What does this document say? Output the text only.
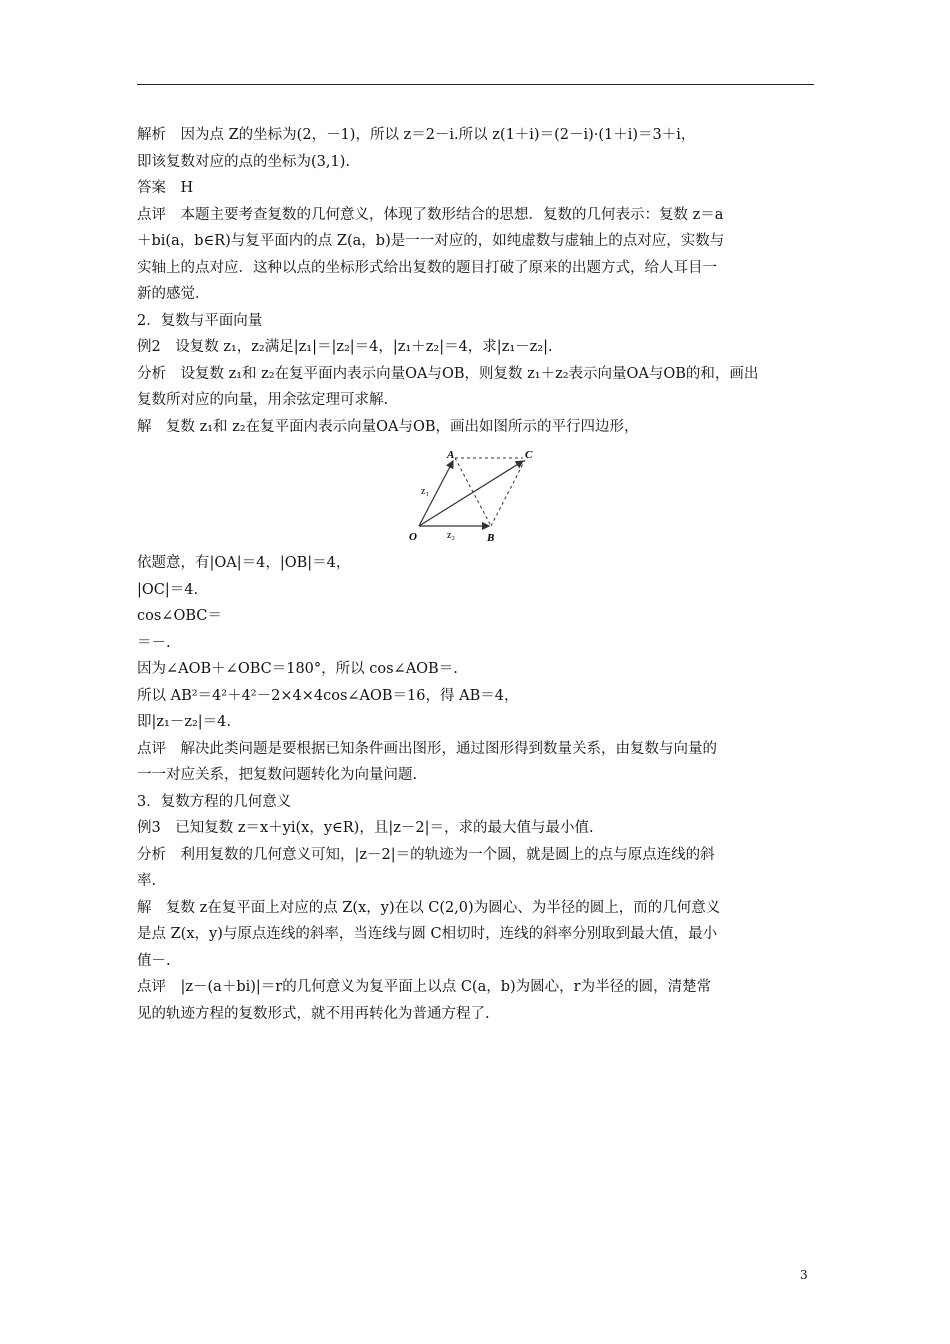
解析　因为点 Z的坐标为(2，－1)，所以 z＝2－i.所以 z(1＋i)＝(2－i)·(1＋i)＝3＋i，

即该复数对应的点的坐标为(3,1).

答案　H

点评　本题主要考查复数的几何意义，体现了数形结合的思想．复数的几何表示：复数 z＝a

＋bi(a，b∈R)与复平面内的点 Z(a，b)是一一对应的，如纯虚数与虚轴上的点对应，实数与

实轴上的点对应．这种以点的坐标形式给出复数的题目打破了原来的出题方式，给人耳目一

新的感觉．

2．复数与平面向量

例2　设复数 z₁，z₂满足|z₁|＝|z₂|＝4，|z₁＋z₂|＝4，求|z₁－z₂|.

分析　设复数 z₁和 z₂在复平面内表示向量OA与OB，则复数 z₁＋z₂表示向量OA与OB的和，画出

复数所对应的向量，用余弦定理可求解.

解　复数 z₁和 z₂在复平面内表示向量OA与OB，画出如图所示的平行四边形，

A	C
O	B
z₁
z₂

依题意，有|OA|＝4，|OB|＝4，

|OC|＝4.

cos∠OBC＝

＝－.

因为∠AOB＋∠OBC＝180°，所以 cos∠AOB＝.

所以 AB²＝4²＋4²－2×4×4cos∠AOB＝16，得 AB＝4，

即|z₁－z₂|＝4.

点评　解决此类问题是要根据已知条件画出图形，通过图形得到数量关系，由复数与向量的

一一对应关系，把复数问题转化为向量问题.

3．复数方程的几何意义

例3　已知复数 z＝x＋yi(x，y∈R)，且|z－2|＝，求的最大值与最小值.

分析　利用复数的几何意义可知，|z－2|＝的轨迹为一个圆，就是圆上的点与原点连线的斜

率.

解　复数 z在复平面上对应的点 Z(x，y)在以 C(2,0)为圆心、为半径的圆上，而的几何意义

是点 Z(x，y)与原点连线的斜率，当连线与圆 C相切时，连线的斜率分别取到最大值，最小

值－.

点评　|z－(a＋bi)|＝r的几何意义为复平面上以点 C(a，b)为圆心，r为半径的圆，清楚常

见的轨迹方程的复数形式，就不用再转化为普通方程了.

3
